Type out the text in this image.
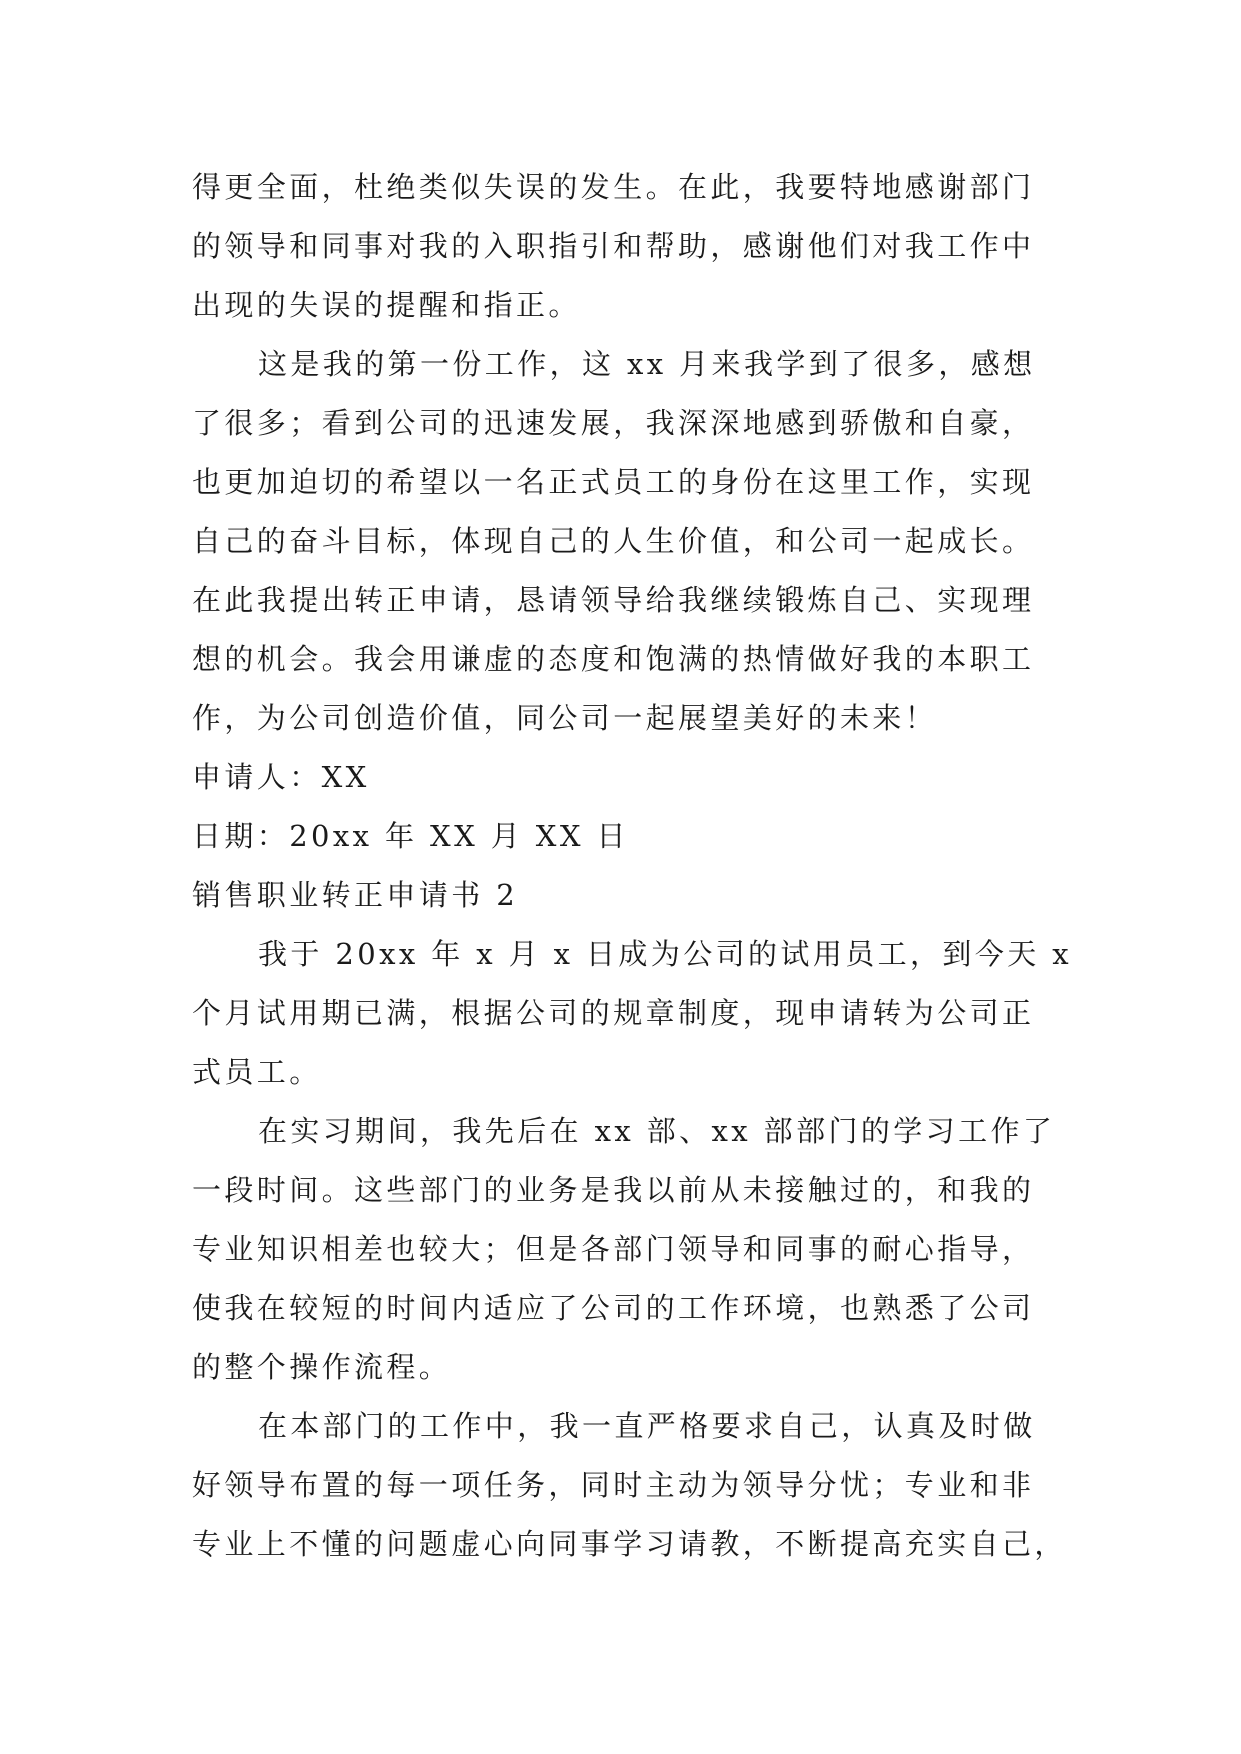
得更全面，杜绝类似失误的发生。在此，我要特地感谢部门
的领导和同事对我的入职指引和帮助，感谢他们对我工作中
出现的失误的提醒和指正。
这是我的第一份工作，这 xx 月来我学到了很多，感想
了很多；看到公司的迅速发展，我深深地感到骄傲和自豪，
也更加迫切的希望以一名正式员工的身份在这里工作，实现
自己的奋斗目标，体现自己的人生价值，和公司一起成长。
在此我提出转正申请，恳请领导给我继续锻炼自己、实现理
想的机会。我会用谦虚的态度和饱满的热情做好我的本职工
作，为公司创造价值，同公司一起展望美好的未来！
申请人：XX
日期：20xx 年 XX 月 XX 日
销售职业转正申请书 2
我于 20xx 年 x 月 x 日成为公司的试用员工，到今天 x
个月试用期已满，根据公司的规章制度，现申请转为公司正
式员工。
在实习期间，我先后在 xx 部、xx 部部门的学习工作了
一段时间。这些部门的业务是我以前从未接触过的，和我的
专业知识相差也较大；但是各部门领导和同事的耐心指导，
使我在较短的时间内适应了公司的工作环境，也熟悉了公司
的整个操作流程。
在本部门的工作中，我一直严格要求自己，认真及时做
好领导布置的每一项任务，同时主动为领导分忧；专业和非
专业上不懂的问题虚心向同事学习请教，不断提高充实自己，
